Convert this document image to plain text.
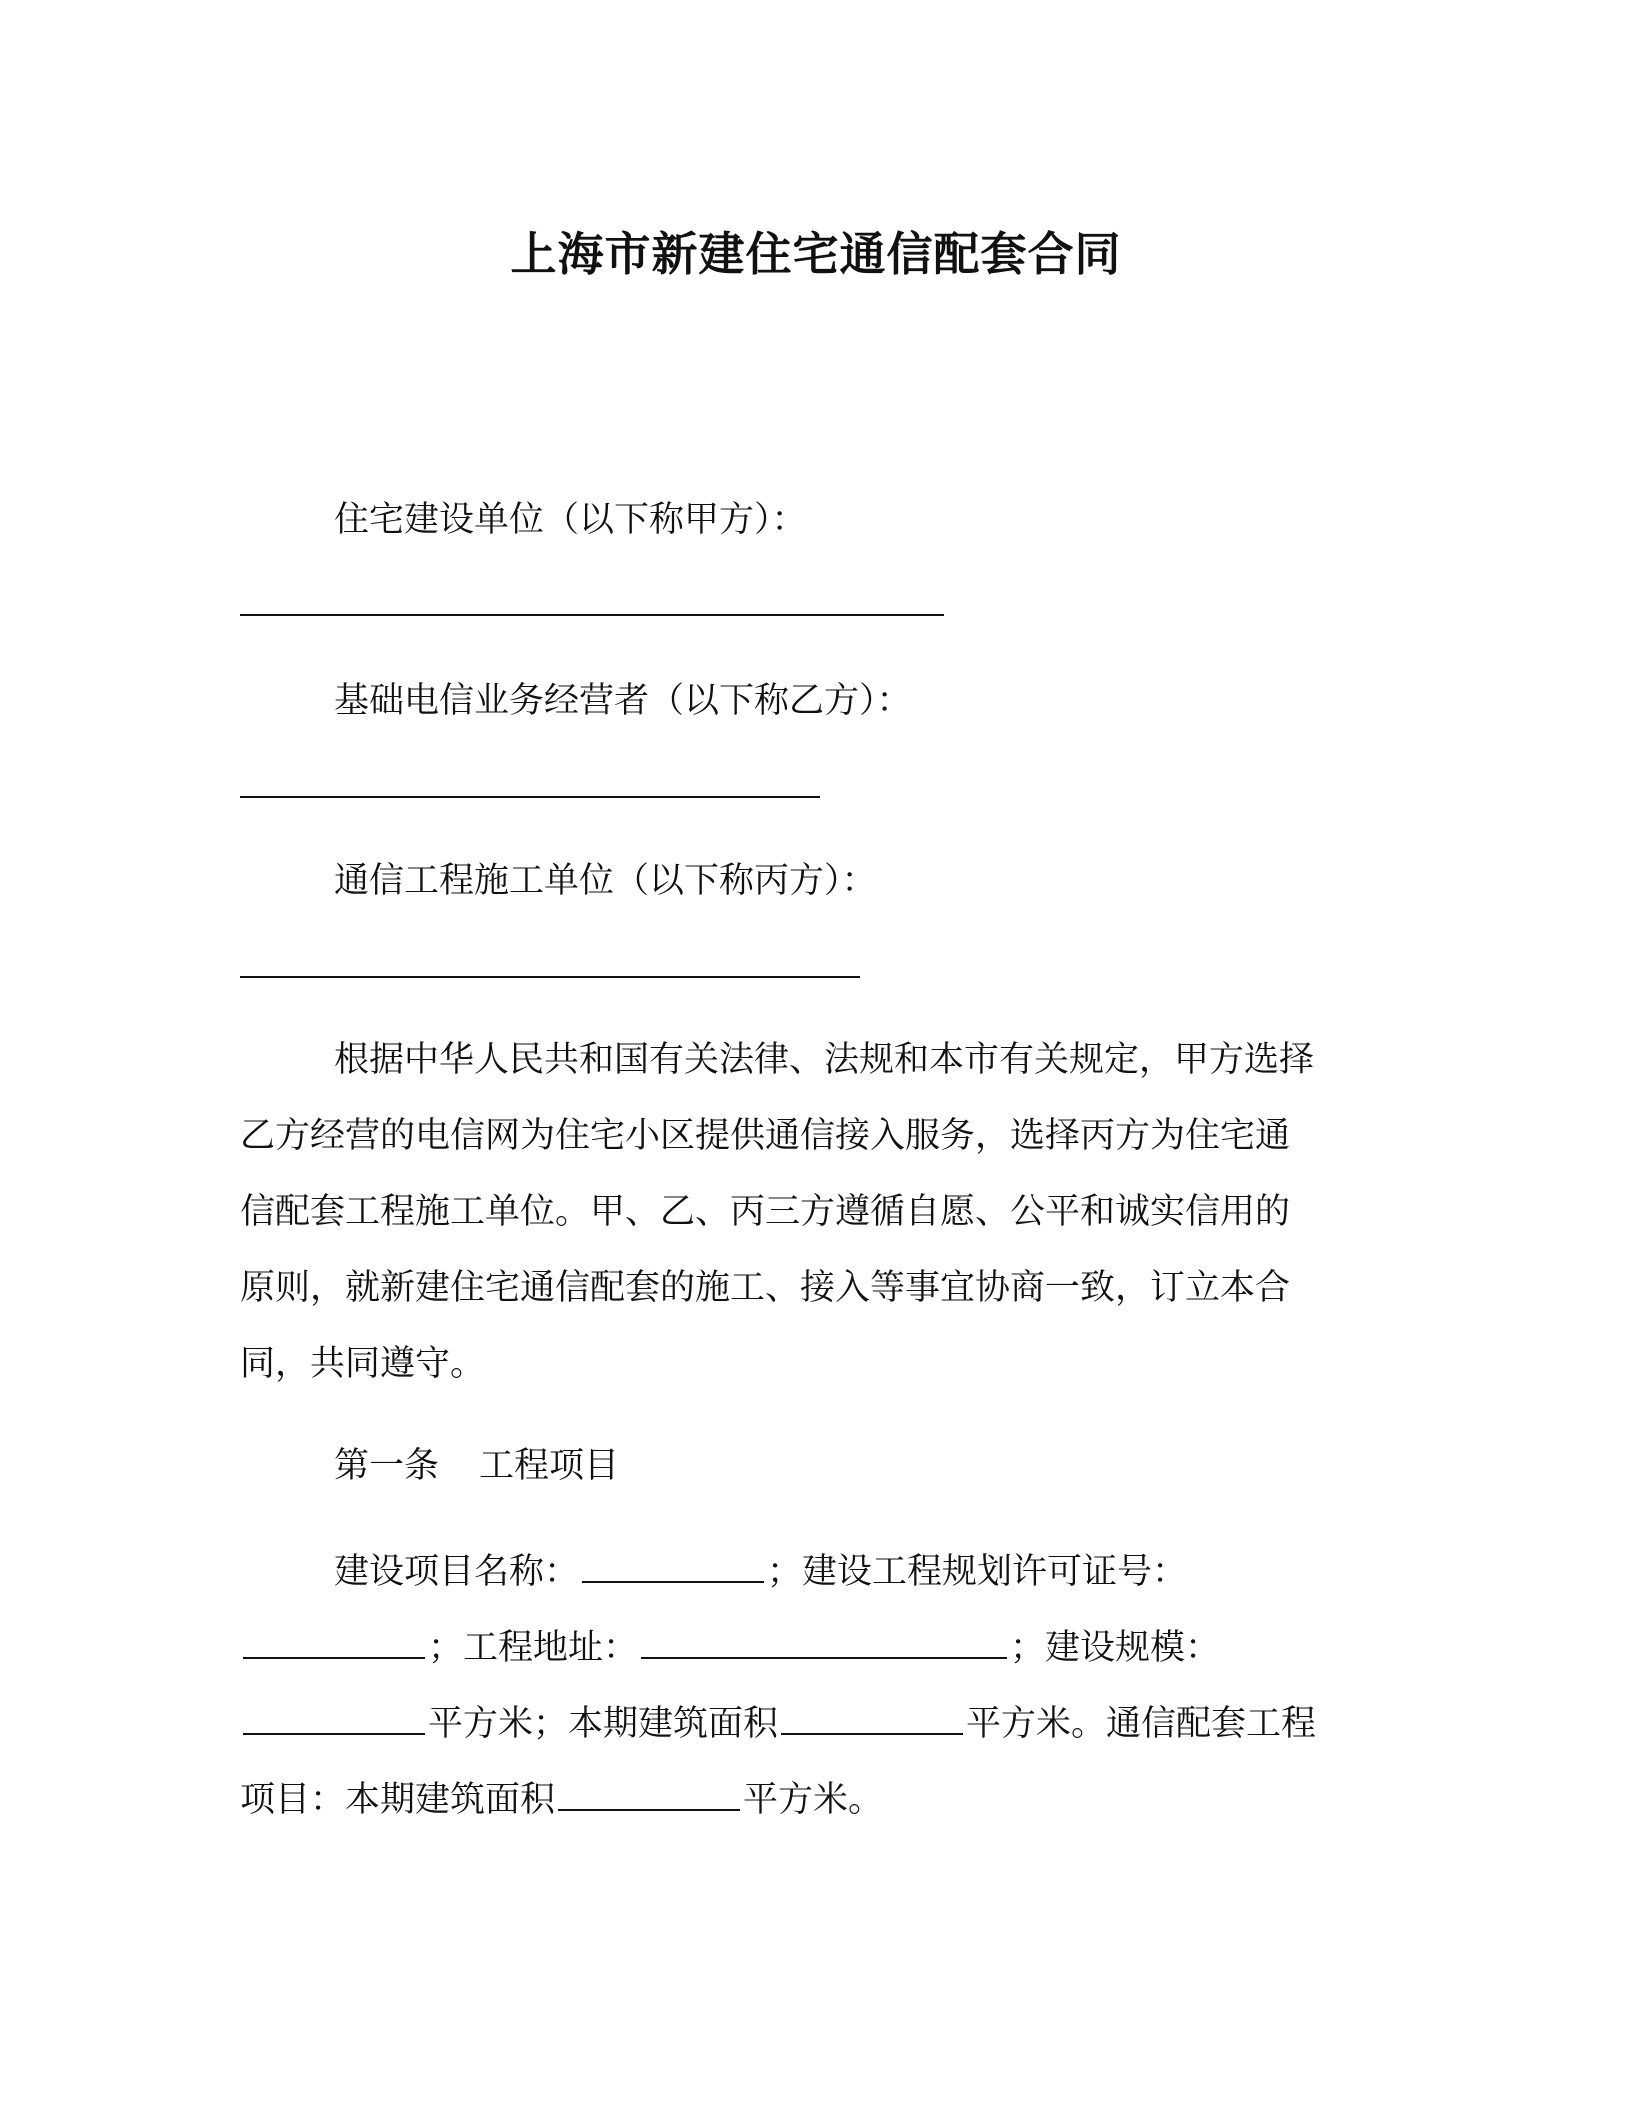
上海市新建住宅通信配套合同
住宅建设单位（以下称甲方）：
基础电信业务经营者（以下称乙方）：
通信工程施工单位（以下称丙方）：
根据中华人民共和国有关法律、法规和本市有关规定，甲方选择
乙方经营的电信网为住宅小区提供通信接入服务，选择丙方为住宅通
信配套工程施工单位。甲、乙、丙三方遵循自愿、公平和诚实信用的
原则，就新建住宅通信配套的施工、接入等事宜协商一致，订立本合
同，共同遵守。
第一条 工程项目
建设项目名称：	；建设工程规划许可证号：
；工程地址：	；建设规模：
平方米；本期建筑面积	平方米。通信配套工程
项目：本期建筑面积	平方米。
